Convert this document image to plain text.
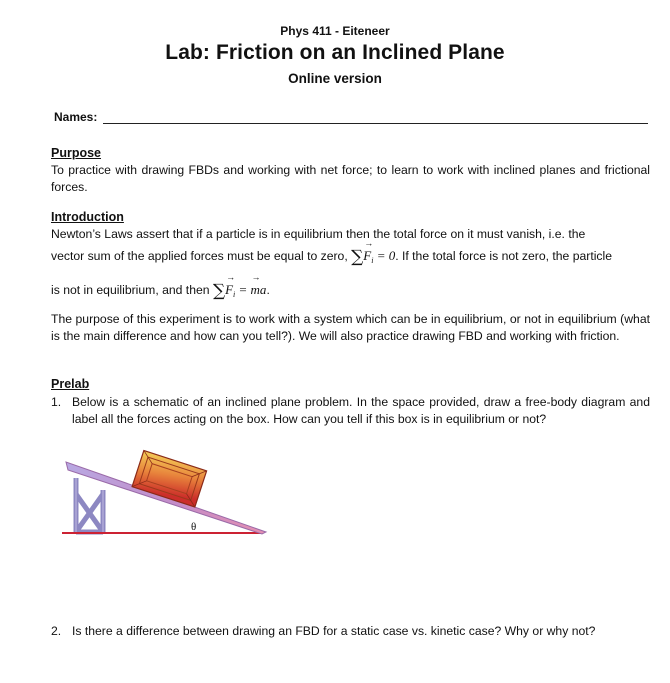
Phys 411 - Eiteneer
Lab: Friction on an Inclined Plane
Online version
Names:
Purpose
To practice with drawing FBDs and working with net force; to learn to work with inclined planes and frictional forces.
Introduction
Newton’s Laws assert that if a particle is in equilibrium then the total force on it must vanish, i.e. the
vector sum of the applied forces must be equal to zero, ∑→ $F_i = 0$. If the total force is not zero, the particle
is not in equilibrium, and then ∑→ $F_i$ = → ma.
The purpose of this experiment is to work with a system which can be in equilibrium, or not in equilibrium (what is the main difference and how can you tell?). We will also practice drawing FBD and working with friction.
Prelab
1. Below is a schematic of an inclined plane problem. In the space provided, draw a free-body diagram and label all the forces acting on the box. How can you tell if this box is in equilibrium or not?
θ
2. Is there a difference between drawing an FBD for a static case vs. kinetic case? Why or why not?
